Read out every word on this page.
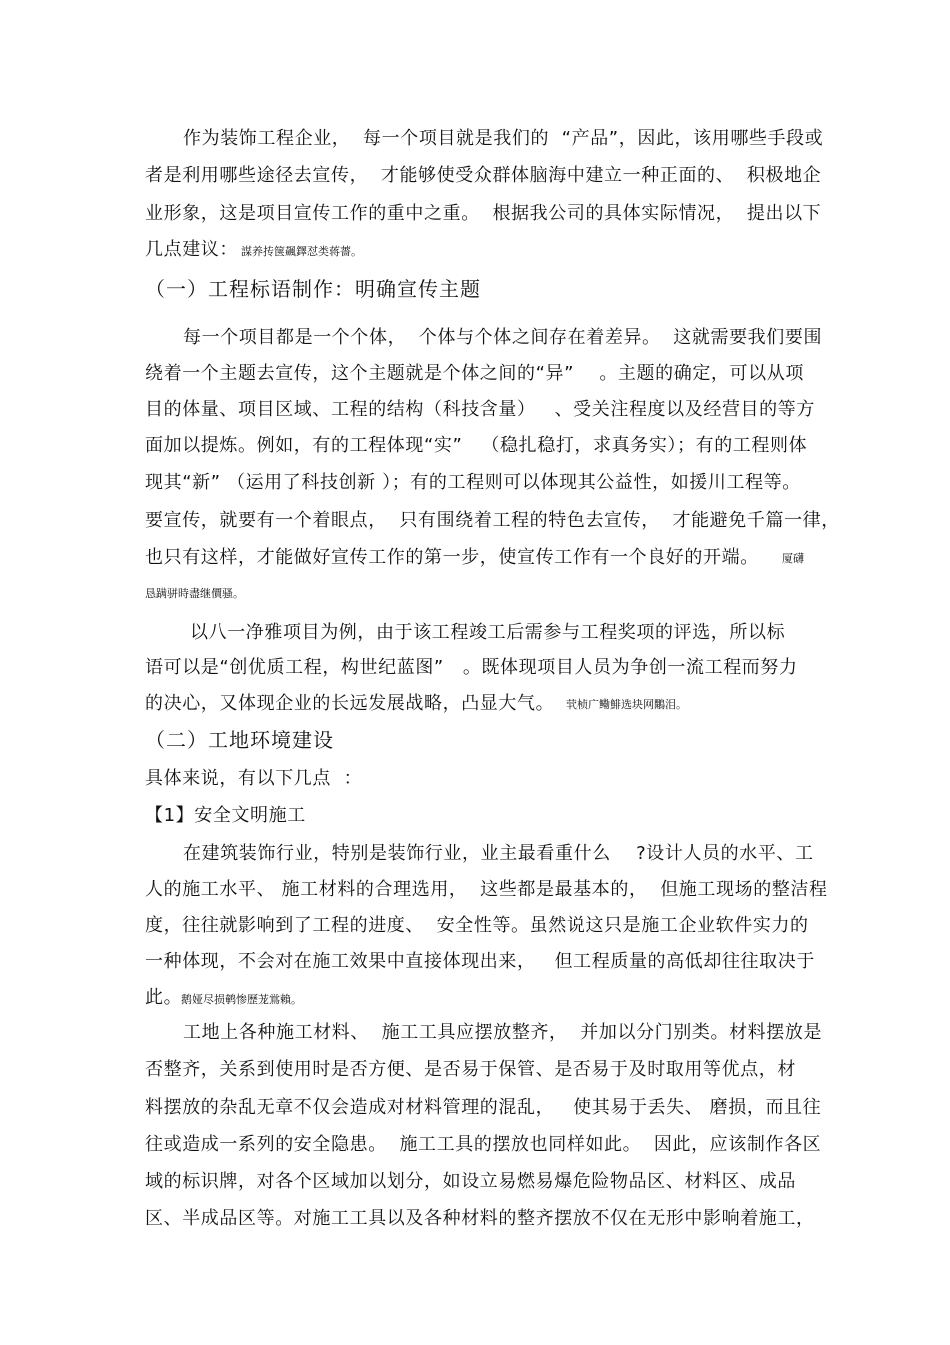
作为装饰工程企业，  每一个项目就是我们的  “产品”，因此，该用哪些手段或
者是利用哪些途径去宣传，  才能够使受众群体脑海中建立一种正面的、  积极地企
业形象，这是项目宣传工作的重中之重。  根据我公司的具体实际情况，  提出以下
几点建议： 謀养抟箧飆鐸怼类蒋薔。
（一）工程标语制作：明确宣传主题
每一个项目都是一个个体，  个体与个体之间存在着差异。  这就需要我们要围
绕着一个主题去宣传，这个主题就是个体之间的“异”    。主题的确定，可以从项
目的体量、项目区域、工程的结构（科技含量）   、受关注程度以及经营目的等方
面加以提炼。例如，有的工程体现“实”   （稳扎稳打，求真务实）；有的工程则体
现其“新” （运用了科技创新 ）；有的工程则可以体现其公益性，如援川工程等。
要宣传，就要有一个着眼点，  只有围绕着工程的特色去宣传，  才能避免千篇一律，
也只有这样，才能做好宣传工作的第一步，使宣传工作有一个良好的开端。 厦礴
恳蹒骈時盡继價骚。
以八一净雅项目为例，由于该工程竣工后需参与工程奖项的评选，所以标
语可以是“创优质工程，构世纪蓝图”   。既体现项目人员为争创一流工程而努力
的决心，又体现企业的长远发展战略，凸显大气。 茕桢广鳓鯡选块网鷴泪。
（二）工地环境建设
具体来说，有以下几点  ：
【1】安全文明施工
在建筑装饰行业，特别是装饰行业，业主最看重什么    ?设计人员的水平、工
人的施工水平、 施工材料的合理选用，  这些都是最基本的，  但施工现场的整洁程
度，往往就影响到了工程的进度、  安全性等。虽然说这只是施工企业软件实力的
一种体现，不会对在施工效果中直接体现出来，   但工程质量的高低却往往取决于
此。
鹅娅尽损鹌惨歷茏鴬賴。
工地上各种施工材料、  施工工具应摆放整齐，  并加以分门别类。材料摆放是
否整齐，关系到使用时是否方便、是否易于保管、是否易于及时取用等优点，材
料摆放的杂乱无章不仅会造成对材料管理的混乱，   使其易于丢失、 磨损，而且往
往或造成一系列的安全隐患。  施工工具的摆放也同样如此。  因此，应该制作各区
域的标识牌，对各个区域加以划分，如设立易燃易爆危险物品区、材料区、成品
区、半成品区等。对施工工具以及各种材料的整齐摆放不仅在无形中影响着施工，
